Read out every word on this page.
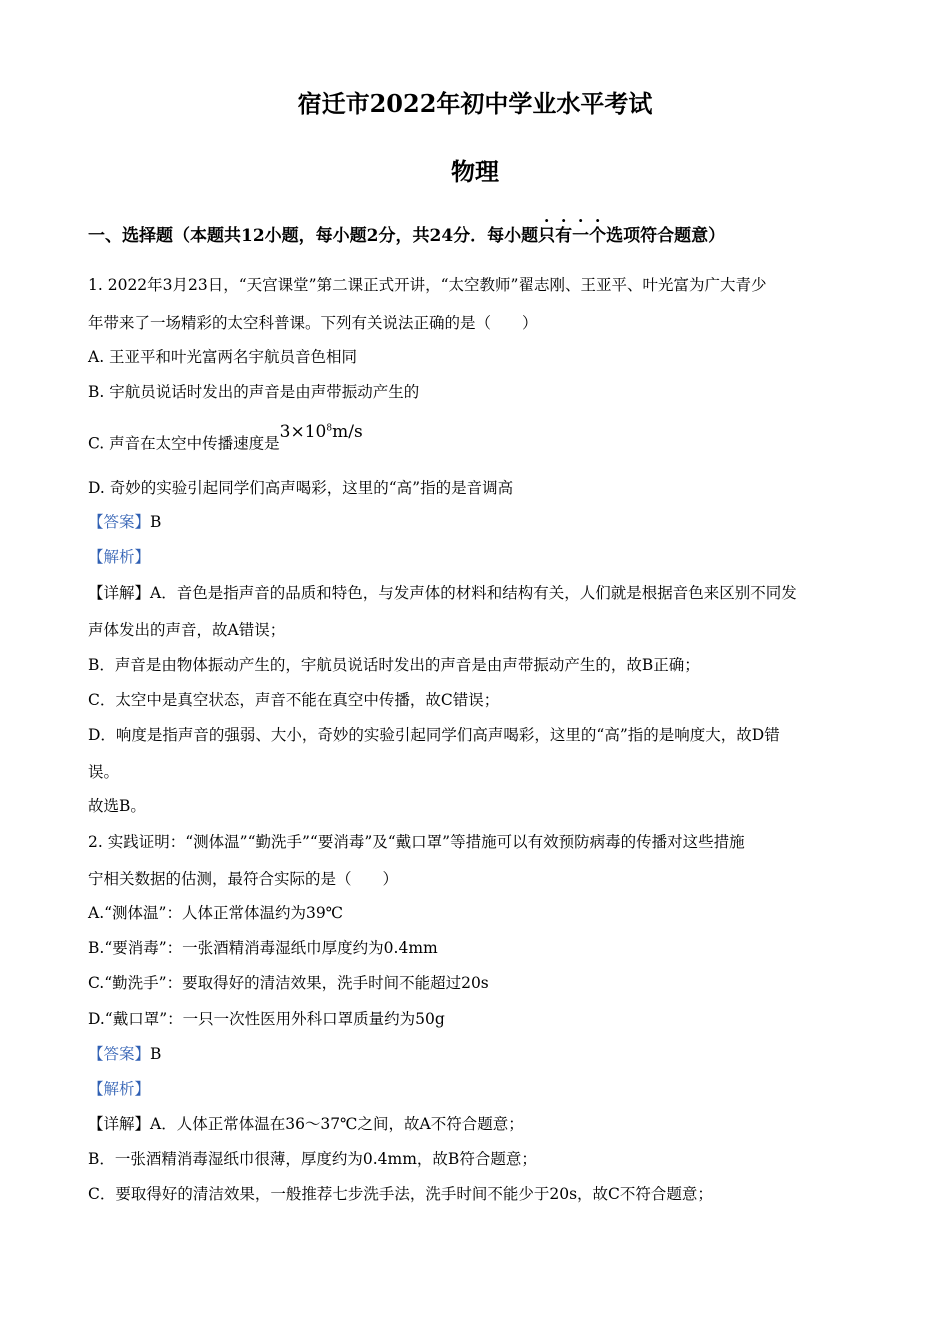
宿迁市2022年初中学业水平考试
物理
一、选择题（本题共12小题，每小题2分，共24分．每小题只有一个选项符合题意）
1. 2022年3月23日，“天宫课堂”第二课正式开讲，“太空教师”翟志刚、王亚平、叶光富为广大青少
年带来了一场精彩的太空科普课。下列有关说法正确的是（　　）
A. 王亚平和叶光富两名宇航员音色相同
B. 宇航员说话时发出的声音是由声带振动产生的
C. 声音在太空中传播速度是$3\times 10^8m/s$
D. 奇妙的实验引起同学们高声喝彩，这里的“高”指的是音调高
【答案】B
【解析】
【详解】A．音色是指声音的品质和特色，与发声体的材料和结构有关，人们就是根据音色来区别不同发
声体发出的声音，故A错误；
B．声音是由物体振动产生的，宇航员说话时发出的声音是由声带振动产生的，故B正确；
C．太空中是真空状态，声音不能在真空中传播，故C错误；
D．响度是指声音的强弱、大小，奇妙的实验引起同学们高声喝彩，这里的“高”指的是响度大，故D错
误。
故选B。
2. 实践证明：“测体温”“勤洗手”“要消毒”及“戴口罩”等措施可以有效预防病毒的传播对这些措施
宁相关数据的估测，最符合实际的是（　　）
A.“测体温”：人体正常体温约为39℃
B.“要消毒”：一张酒精消毒湿纸巾厚度约为0.4mm
C.“勤洗手”：要取得好的清洁效果，洗手时间不能超过20s
D.“戴口罩”：一只一次性医用外科口罩质量约为50g
【答案】B
【解析】
【详解】A．人体正常体温在36～37℃之间，故A不符合题意；
B．一张酒精消毒湿纸巾很薄，厚度约为0.4mm，故B符合题意；
C．要取得好的清洁效果，一般推荐七步洗手法，洗手时间不能少于20s，故C不符合题意；
